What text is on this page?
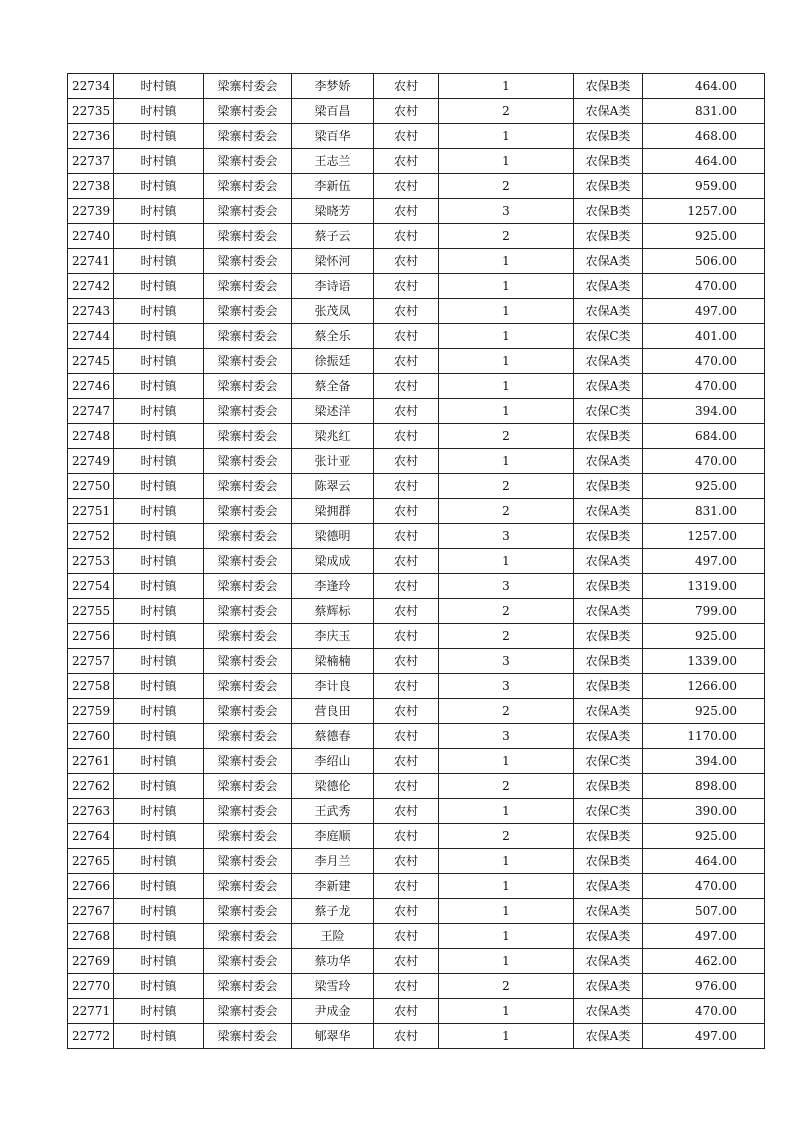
22734	时村镇	梁寨村委会	李梦娇	农村	1	农保B类	464.00
22735	时村镇	梁寨村委会	梁百昌	农村	2	农保A类	831.00
22736	时村镇	梁寨村委会	梁百华	农村	1	农保B类	468.00
22737	时村镇	梁寨村委会	王志兰	农村	1	农保B类	464.00
22738	时村镇	梁寨村委会	李新伍	农村	2	农保B类	959.00
22739	时村镇	梁寨村委会	梁晓芳	农村	3	农保B类	1257.00
22740	时村镇	梁寨村委会	蔡子云	农村	2	农保B类	925.00
22741	时村镇	梁寨村委会	梁怀河	农村	1	农保A类	506.00
22742	时村镇	梁寨村委会	李诗语	农村	1	农保A类	470.00
22743	时村镇	梁寨村委会	张茂凤	农村	1	农保A类	497.00
22744	时村镇	梁寨村委会	蔡全乐	农村	1	农保C类	401.00
22745	时村镇	梁寨村委会	徐振廷	农村	1	农保A类	470.00
22746	时村镇	梁寨村委会	蔡全备	农村	1	农保A类	470.00
22747	时村镇	梁寨村委会	梁述洋	农村	1	农保C类	394.00
22748	时村镇	梁寨村委会	梁兆红	农村	2	农保B类	684.00
22749	时村镇	梁寨村委会	张计亚	农村	1	农保A类	470.00
22750	时村镇	梁寨村委会	陈翠云	农村	2	农保B类	925.00
22751	时村镇	梁寨村委会	梁拥群	农村	2	农保A类	831.00
22752	时村镇	梁寨村委会	梁德明	农村	3	农保B类	1257.00
22753	时村镇	梁寨村委会	梁成成	农村	1	农保A类	497.00
22754	时村镇	梁寨村委会	李逢玲	农村	3	农保B类	1319.00
22755	时村镇	梁寨村委会	蔡辉标	农村	2	农保A类	799.00
22756	时村镇	梁寨村委会	李庆玉	农村	2	农保B类	925.00
22757	时村镇	梁寨村委会	梁楠楠	农村	3	农保B类	1339.00
22758	时村镇	梁寨村委会	李计良	农村	3	农保B类	1266.00
22759	时村镇	梁寨村委会	营良田	农村	2	农保A类	925.00
22760	时村镇	梁寨村委会	蔡德春	农村	3	农保A类	1170.00
22761	时村镇	梁寨村委会	李绍山	农村	1	农保C类	394.00
22762	时村镇	梁寨村委会	梁德伦	农村	2	农保B类	898.00
22763	时村镇	梁寨村委会	王武秀	农村	1	农保C类	390.00
22764	时村镇	梁寨村委会	李庭顺	农村	2	农保B类	925.00
22765	时村镇	梁寨村委会	李月兰	农村	1	农保B类	464.00
22766	时村镇	梁寨村委会	李新建	农村	1	农保A类	470.00
22767	时村镇	梁寨村委会	蔡子龙	农村	1	农保A类	507.00
22768	时村镇	梁寨村委会	王险	农村	1	农保A类	497.00
22769	时村镇	梁寨村委会	蔡功华	农村	1	农保A类	462.00
22770	时村镇	梁寨村委会	梁雪玲	农村	2	农保A类	976.00
22771	时村镇	梁寨村委会	尹成金	农村	1	农保A类	470.00
22772	时村镇	梁寨村委会	郇翠华	农村	1	农保A类	497.00
